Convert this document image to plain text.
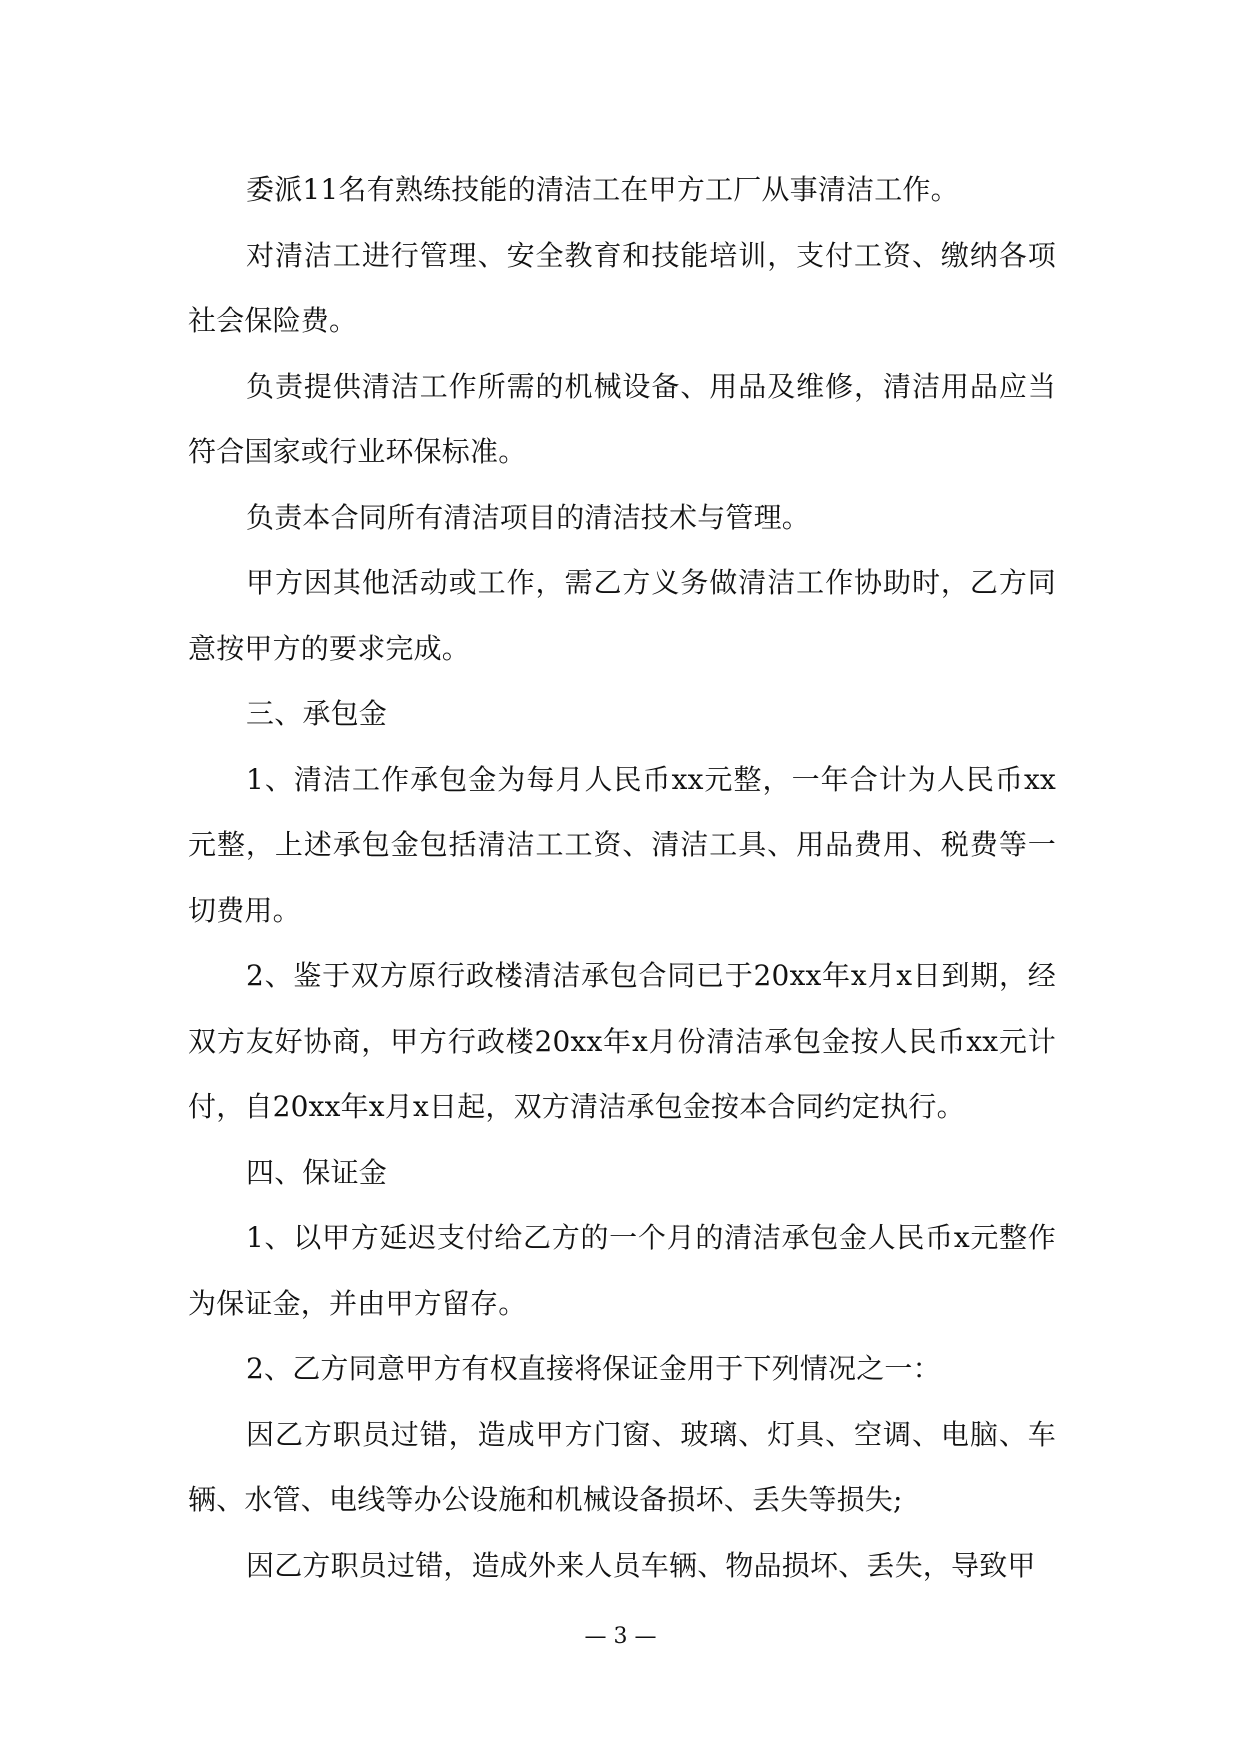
委派11名有熟练技能的清洁工在甲方工厂从事清洁工作。

对清洁工进行管理、安全教育和技能培训，支付工资、缴纳各项社会保险费。

负责提供清洁工作所需的机械设备、用品及维修，清洁用品应当符合国家或行业环保标准。

负责本合同所有清洁项目的清洁技术与管理。

甲方因其他活动或工作，需乙方义务做清洁工作协助时，乙方同意按甲方的要求完成。

三、承包金

1、清洁工作承包金为每月人民币xx元整，一年合计为人民币xx元整，上述承包金包括清洁工工资、清洁工具、用品费用、税费等一切费用。

2、鉴于双方原行政楼清洁承包合同已于20xx年x月x日到期，经双方友好协商，甲方行政楼20xx年x月份清洁承包金按人民币xx元计付，自20xx年x月x日起，双方清洁承包金按本合同约定执行。

四、保证金

1、以甲方延迟支付给乙方的一个月的清洁承包金人民币x元整作为保证金，并由甲方留存。

2、乙方同意甲方有权直接将保证金用于下列情况之一：

因乙方职员过错，造成甲方门窗、玻璃、灯具、空调、电脑、车辆、水管、电线等办公设施和机械设备损坏、丢失等损失;

因乙方职员过错，造成外来人员车辆、物品损坏、丢失，导致甲

— 3 —
